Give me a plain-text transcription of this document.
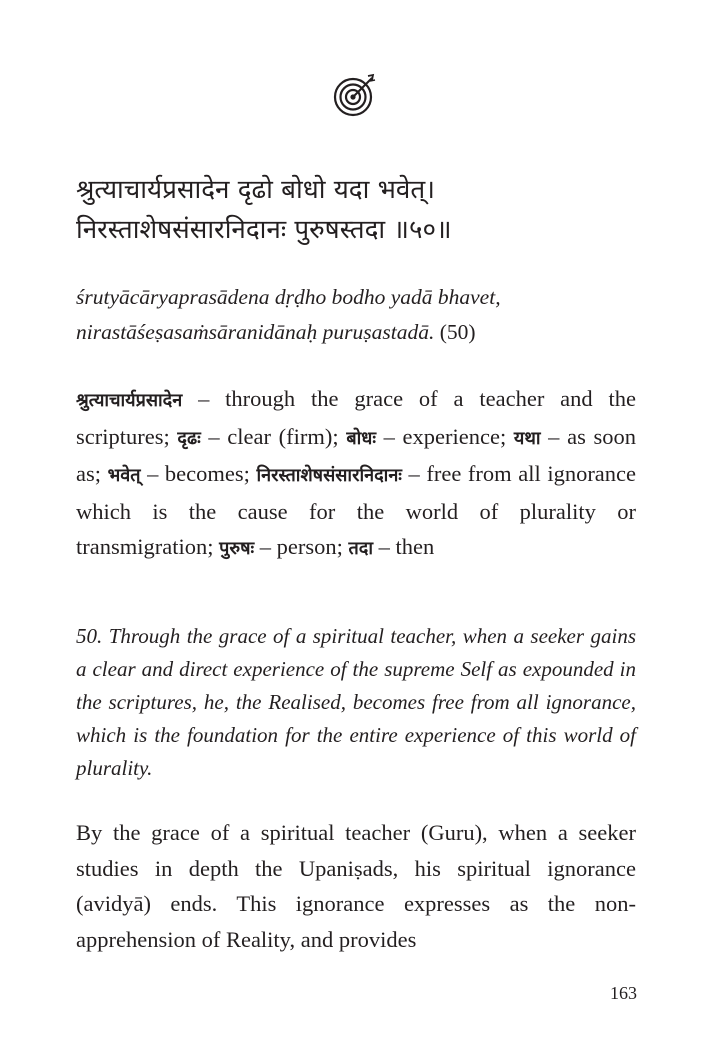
श्रुत्याचार्यप्रसादेन दृढो बोधो यदा भवेत्।
निरस्ताशेषसंसारनिदानः पुरुषस्तदा ॥५०॥
śrutyācāryaprasādena dṛḍho bodho yadā bhavet,
nirastāśeṣasaṁsāranidānaḥ puruṣastadā. (50)
श्रुत्याचार्यप्रसादेन – through the grace of a teacher and the scriptures; दृढः – clear (firm); बोधः – experience; यथा – as soon as; भवेत् – becomes; निरस्ताशेषसंसारनिदानः – free from all ignorance which is the cause for the world of plurality or transmigration; पुरुषः – person; तदा – then
50. Through the grace of a spiritual teacher, when a seeker gains a clear and direct experience of the supreme Self as expounded in the scriptures, he, the Realised, becomes free from all ignorance, which is the foundation for the entire experience of this world of plurality.
By the grace of a spiritual teacher (Guru), when a seeker studies in depth the Upaniṣads, his spiritual ignorance (avidyā) ends. This ignorance expresses as the non-apprehension of Reality, and provides
163
